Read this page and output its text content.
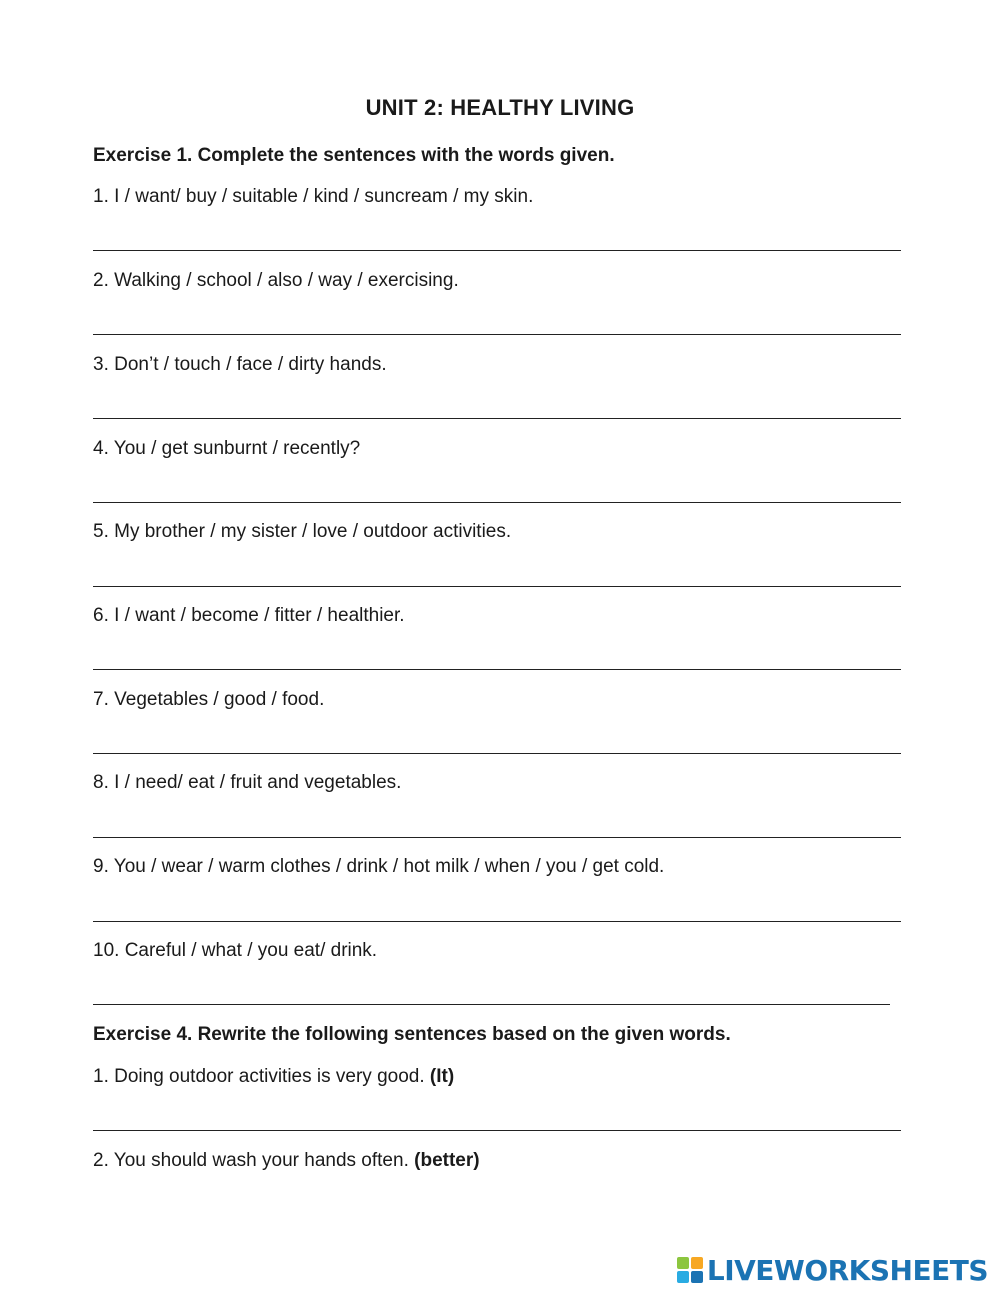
UNIT 2: HEALTHY LIVING
Exercise 1. Complete the sentences with the words given.
1. I / want/ buy / suitable / kind / suncream / my skin.
2. Walking / school / also / way / exercising.
3. Don’t / touch / face / dirty hands.
4. You / get sunburnt / recently?
5. My brother / my sister / love / outdoor activities.
6. I / want / become / fitter / healthier.
7. Vegetables / good / food.
8. I / need/ eat / fruit and vegetables.
9. You / wear / warm clothes / drink / hot milk / when / you / get cold.
10. Careful / what / you eat/ drink.
Exercise 4. Rewrite the following sentences based on the given words.
1. Doing outdoor activities is very good. (It)
2. You should wash your hands often. (better)
LIVEWORKSHEETS
